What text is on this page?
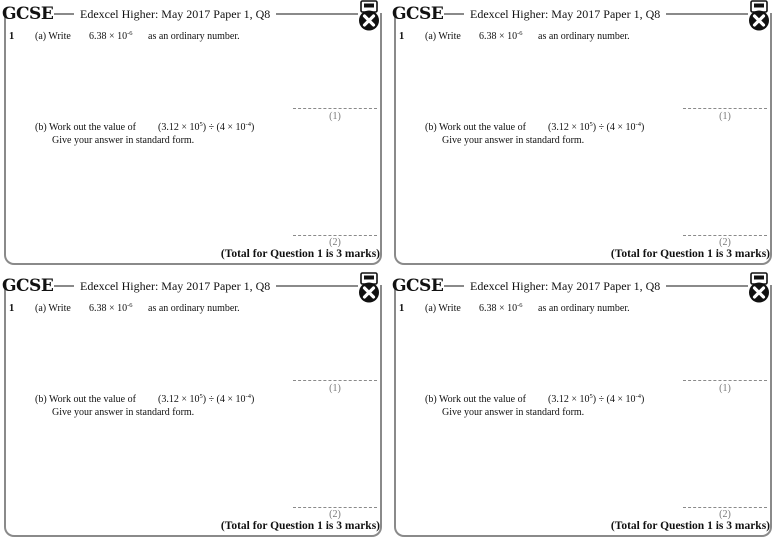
GCSE Edexcel Higher: May 2017 Paper 1, Q8
1 (a) Write $6.38 \times 10^{-6}$ as an ordinary number.
(1)
(b) Work out the value of $(3.12 \times 10^5) \div (4 \times 10^{-4})$
Give your answer in standard form.
(2)
(Total for Question 1 is 3 marks)
GCSE Edexcel Higher: May 2017 Paper 1, Q8
1 (a) Write $6.38 \times 10^{-6}$ as an ordinary number.
(1)
(b) Work out the value of $(3.12 \times 10^5) \div (4 \times 10^{-4})$
Give your answer in standard form.
(2)
(Total for Question 1 is 3 marks)
GCSE Edexcel Higher: May 2017 Paper 1, Q8
1 (a) Write $6.38 \times 10^{-6}$ as an ordinary number.
(1)
(b) Work out the value of $(3.12 \times 10^5) \div (4 \times 10^{-4})$
Give your answer in standard form.
(2)
(Total for Question 1 is 3 marks)
GCSE Edexcel Higher: May 2017 Paper 1, Q8
1 (a) Write $6.38 \times 10^{-6}$ as an ordinary number.
(1)
(b) Work out the value of $(3.12 \times 10^5) \div (4 \times 10^{-4})$
Give your answer in standard form.
(2)
(Total for Question 1 is 3 marks)
